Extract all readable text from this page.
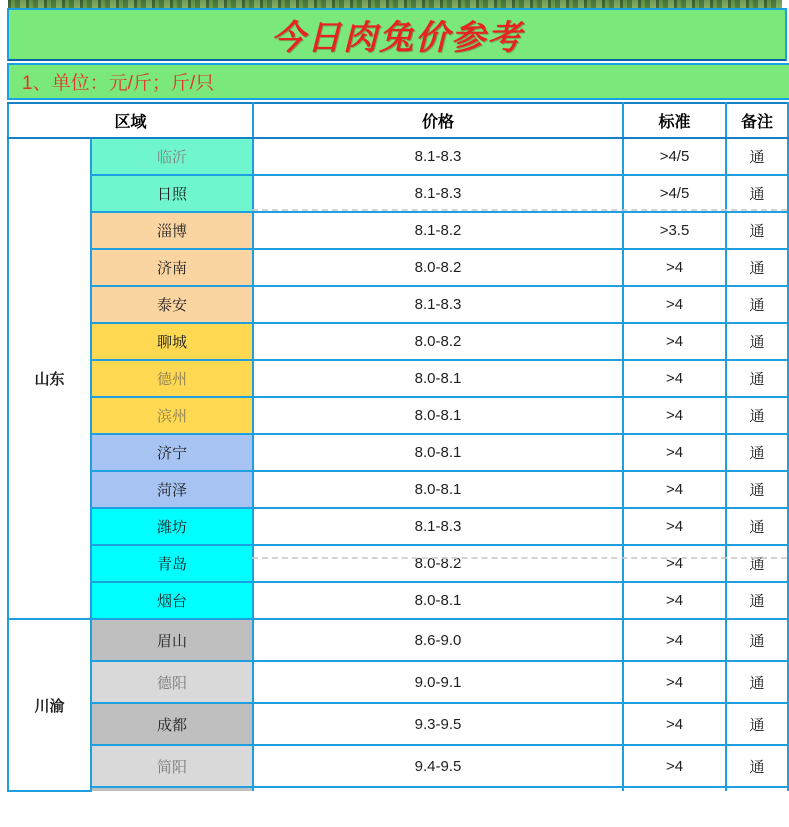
今日肉兔价参考
1、单位：元/斤；斤/只
区域		价格	标准	备注
山东	临沂	8.1-8.3	>4/5	通
	日照	8.1-8.3	>4/5	通
	淄博	8.1-8.2	>3.5	通
	济南	8.0-8.2	>4	通
	泰安	8.1-8.3	>4	通
	聊城	8.0-8.2	>4	通
	德州	8.0-8.1	>4	通
	滨州	8.0-8.1	>4	通
	济宁	8.0-8.1	>4	通
	菏泽	8.0-8.1	>4	通
	潍坊	8.1-8.3	>4	通
	青岛	8.0-8.2	>4	通
	烟台	8.0-8.1	>4	通
川渝	眉山	8.6-9.0	>4	通
	德阳	9.0-9.1	>4	通
	成都	9.3-9.5	>4	通
	简阳	9.4-9.5	>4	通
